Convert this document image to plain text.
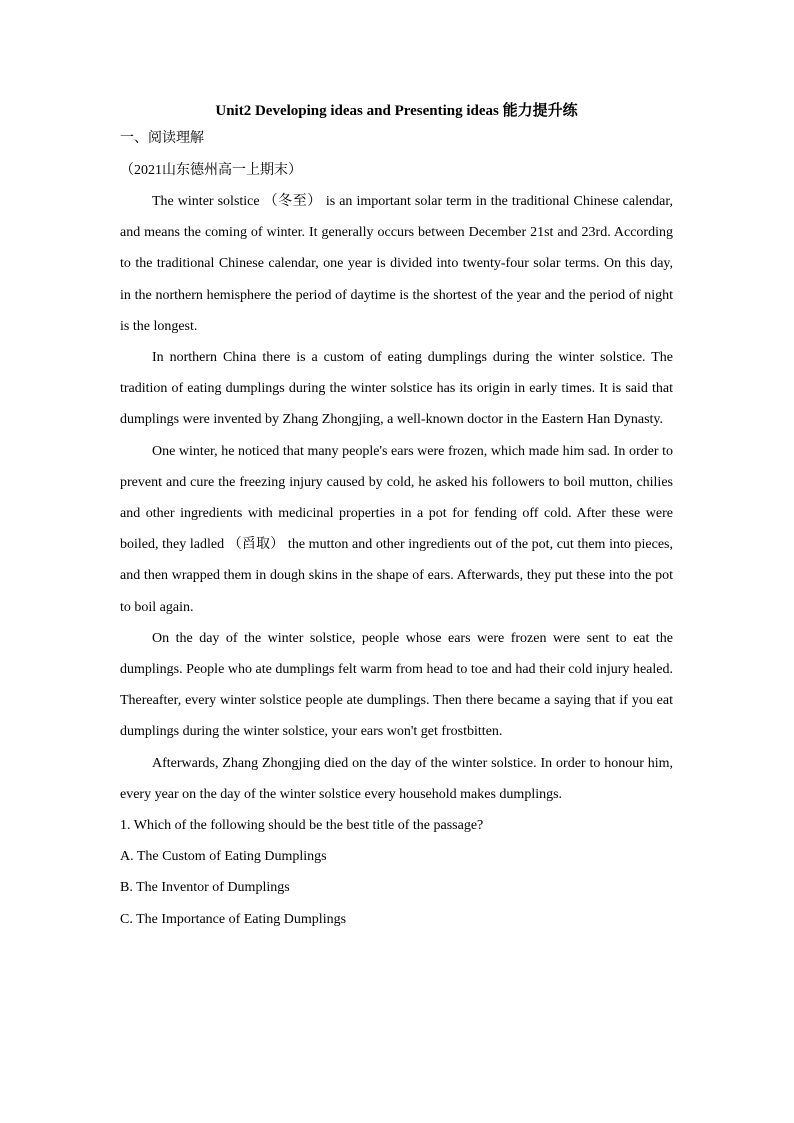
Unit2 Developing ideas and Presenting ideas 能力提升练

一、阅读理解

（2021山东德州高一上期末）

The winter solstice （冬至） is an important solar term in the traditional Chinese calendar, and means the coming of winter. It generally occurs between December 21st and 23rd. According to the traditional Chinese calendar, one year is divided into twenty-four solar terms. On this day, in the northern hemisphere the period of daytime is the shortest of the year and the period of night is the longest.

In northern China there is a custom of eating dumplings during the winter solstice. The tradition of eating dumplings during the winter solstice has its origin in early times. It is said that dumplings were invented by Zhang Zhongjing, a well-known doctor in the Eastern Han Dynasty.

One winter, he noticed that many people's ears were frozen, which made him sad. In order to prevent and cure the freezing injury caused by cold, he asked his followers to boil mutton, chilies and other ingredients with medicinal properties in a pot for fending off cold. After these were boiled, they ladled （舀取） the mutton and other ingredients out of the pot, cut them into pieces, and then wrapped them in dough skins in the shape of ears. Afterwards, they put these into the pot to boil again.

On the day of the winter solstice, people whose ears were frozen were sent to eat the dumplings. People who ate dumplings felt warm from head to toe and had their cold injury healed. Thereafter, every winter solstice people ate dumplings. Then there became a saying that if you eat dumplings during the winter solstice, your ears won't get frostbitten.

Afterwards, Zhang Zhongjing died on the day of the winter solstice. In order to honour him, every year on the day of the winter solstice every household makes dumplings.

1. Which of the following should be the best title of the passage?

A. The Custom of Eating Dumplings

B. The Inventor of Dumplings

C. The Importance of Eating Dumplings
